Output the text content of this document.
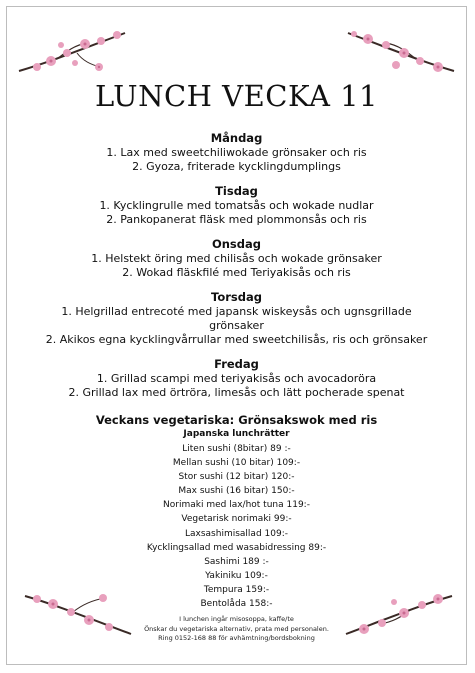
LUNCH VECKA 11
Måndag
1. Lax med sweetchiliwokade grönsaker och ris
2. Gyoza, friterade kycklingdumplings
Tisdag
1. Kycklingrulle med tomatsås och wokade nudlar
2. Pankopanerat fläsk med plommonsås och ris
Onsdag
1. Helstekt öring med chilisås och wokade grönsaker
2. Wokad fläskfilé med Teriyakisås och ris
Torsdag
1. Helgrillad entrecoté med japansk wiskeysås och ugnsgrillade grönsaker
2. Akikos egna kycklingvårrullar med sweetchilisås, ris och grönsaker
Fredag
1. Grillad scampi med teriyakisås och avocadoröra
2. Grillad lax med örtröra, limesås och lätt pocherade spenat
Veckans vegetariska: Grönsakswok med ris
Japanska lunchrätter
Liten sushi (8bitar) 89 :-
Mellan sushi (10 bitar) 109:-
Stor sushi (12 bitar) 120:-
Max sushi (16 bitar) 150:-
Norimaki med lax/hot tuna 119:-
Vegetarisk norimaki 99:-
Laxsashimisallad 109:-
Kycklingsallad med wasabidressing 89:-
Sashimi 189 :-
Yakiniku 109:-
Tempura 159:-
Bentolåda 158:-
I lunchen ingår misosoppa, kaffe/te
Önskar du vegetariska alternativ, prata med personalen.
Ring 0152-168 88 för avhämtning/bordsbokning
